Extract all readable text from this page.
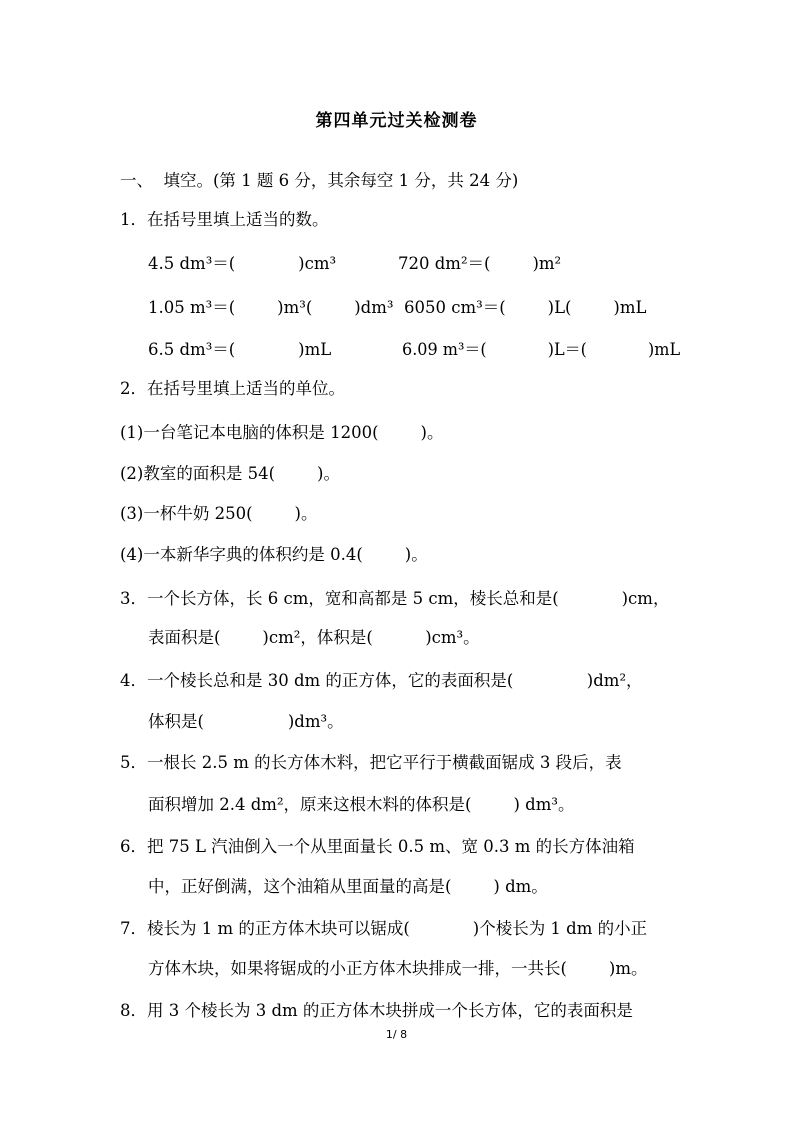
第四单元过关检测卷
一、  填空。(第 1 题 6 分，其余每空 1 分，共 24 分)
1．在括号里填上适当的数。
4.5 dm³＝(            )cm³	720 dm²＝(        )m²
1.05 m³＝(        )m³(        )dm³ 6050 cm³＝(        )L(        )mL
6.5 dm³＝(            )mL	6.09 m³＝(            )L＝(            )mL
2．在括号里填上适当的单位。
(1)一台笔记本电脑的体积是 1200(        )。
(2)教室的面积是 54(        )。
(3)一杯牛奶 250(        )。
(4)一本新华字典的体积约是 0.4(        )。
3．一个长方体，长 6 cm，宽和高都是 5 cm，棱长总和是(            )cm，
表面积是(        )cm²，体积是(          )cm³。
4．一个棱长总和是 30 dm 的正方体，它的表面积是(              )dm²，
体积是(                )dm³。
5．一根长 2.5 m 的长方体木料，把它平行于横截面锯成 3 段后，表
面积增加 2.4 dm²，原来这根木料的体积是(        ) dm³。
6．把 75 L 汽油倒入一个从里面量长 0.5 m、宽 0.3 m 的长方体油箱
中，正好倒满，这个油箱从里面量的高是(        ) dm。
7．棱长为 1 m 的正方体木块可以锯成(            )个棱长为 1 dm 的小正
方体木块，如果将锯成的小正方体木块排成一排，一共长(        )m。
8．用 3 个棱长为 3 dm 的正方体木块拼成一个长方体，它的表面积是
1/ 8
